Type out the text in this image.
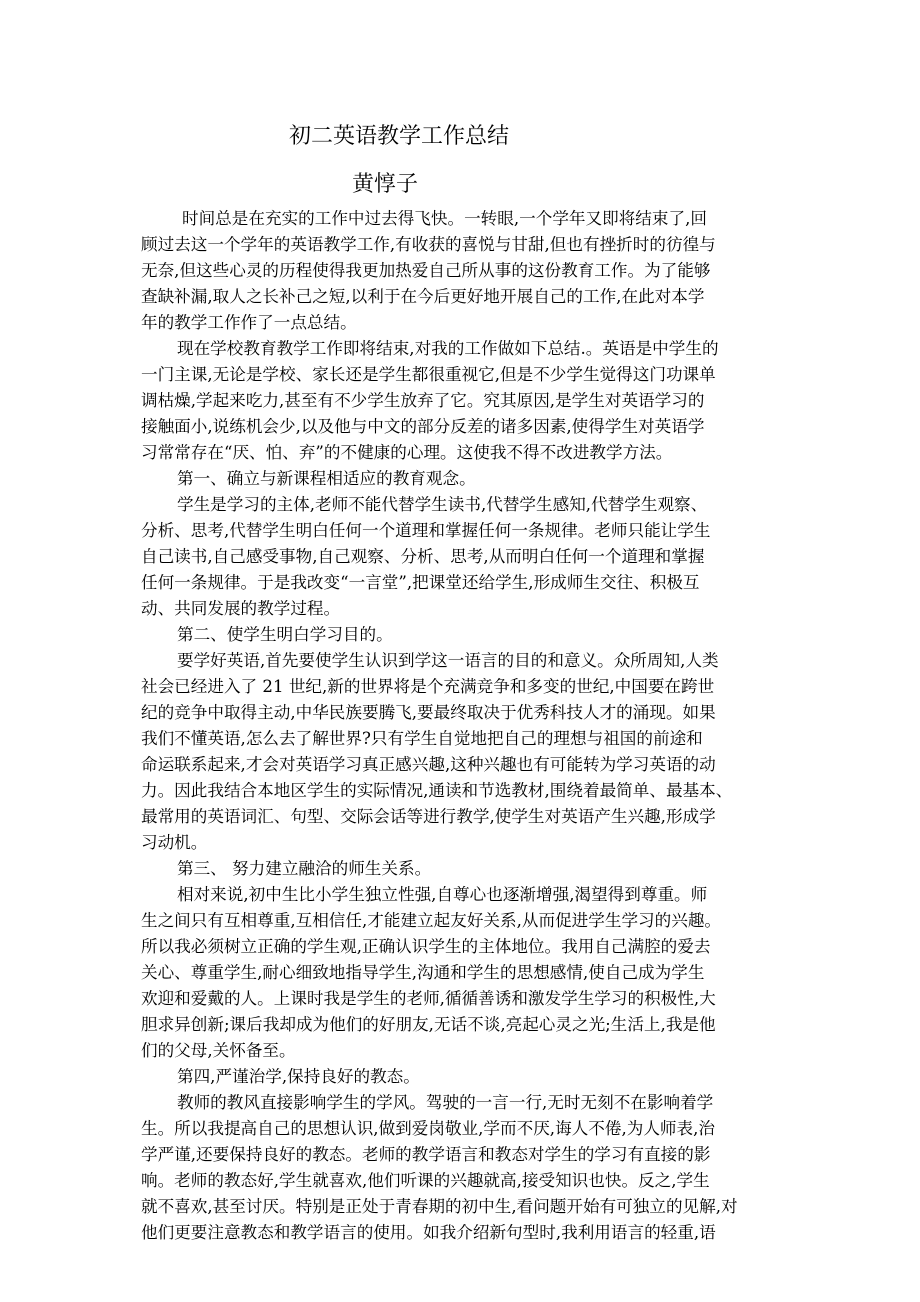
初二英语教学工作总结
黄惇子
时间总是在充实的工作中过去得飞快。一转眼,一个学年又即将结束了,回
顾过去这一个学年的英语教学工作,有收获的喜悦与甘甜,但也有挫折时的彷徨与
无奈,但这些心灵的历程使得我更加热爱自己所从事的这份教育工作。为了能够
查缺补漏,取人之长补己之短,以利于在今后更好地开展自己的工作,在此对本学
年的教学工作作了一点总结。
现在学校教育教学工作即将结束,对我的工作做如下总结.。英语是中学生的
一门主课,无论是学校、家长还是学生都很重视它,但是不少学生觉得这门功课单
调枯燥,学起来吃力,甚至有不少学生放弃了它。究其原因,是学生对英语学习的
接触面小,说练机会少,以及他与中文的部分反差的诸多因素,使得学生对英语学
习常常存在“厌、怕、弃”的不健康的心理。这使我不得不改进教学方法。
第一、确立与新课程相适应的教育观念。
学生是学习的主体,老师不能代替学生读书,代替学生感知,代替学生观察、
分析、思考,代替学生明白任何一个道理和掌握任何一条规律。老师只能让学生
自己读书,自己感受事物,自己观察、分析、思考,从而明白任何一个道理和掌握
任何一条规律。于是我改变“一言堂”,把课堂还给学生,形成师生交往、积极互
动、共同发展的教学过程。
第二、使学生明白学习目的。
要学好英语,首先要使学生认识到学这一语言的目的和意义。众所周知,人类
社会已经进入了 21 世纪,新的世界将是个充满竞争和多变的世纪,中国要在跨世
纪的竞争中取得主动,中华民族要腾飞,要最终取决于优秀科技人才的涌现。如果
我们不懂英语,怎么去了解世界?只有学生自觉地把自己的理想与祖国的前途和
命运联系起来,才会对英语学习真正感兴趣,这种兴趣也有可能转为学习英语的动
力。因此我结合本地区学生的实际情况,通读和节选教材,围绕着最简单、最基本、
最常用的英语词汇、句型、交际会话等进行教学,使学生对英语产生兴趣,形成学
习动机。
第三、 努力建立融洽的师生关系。
相对来说,初中生比小学生独立性强,自尊心也逐渐增强,渴望得到尊重。师
生之间只有互相尊重,互相信任,才能建立起友好关系,从而促进学生学习的兴趣。
所以我必须树立正确的学生观,正确认识学生的主体地位。我用自己满腔的爱去
关心、尊重学生,耐心细致地指导学生,沟通和学生的思想感情,使自己成为学生
欢迎和爱戴的人。上课时我是学生的老师,循循善诱和激发学生学习的积极性,大
胆求异创新;课后我却成为他们的好朋友,无话不谈,亮起心灵之光;生活上,我是他
们的父母,关怀备至。
第四,严谨治学,保持良好的教态。
教师的教风直接影响学生的学风。驾驶的一言一行,无时无刻不在影响着学
生。所以我提高自己的思想认识,做到爱岗敬业,学而不厌,诲人不倦,为人师表,治
学严谨,还要保持良好的教态。老师的教学语言和教态对学生的学习有直接的影
响。老师的教态好,学生就喜欢,他们听课的兴趣就高,接受知识也快。反之,学生
就不喜欢,甚至讨厌。特别是正处于青春期的初中生,看问题开始有可独立的见解,对
他们更要注意教态和教学语言的使用。如我介绍新句型时,我利用语言的轻重,语
